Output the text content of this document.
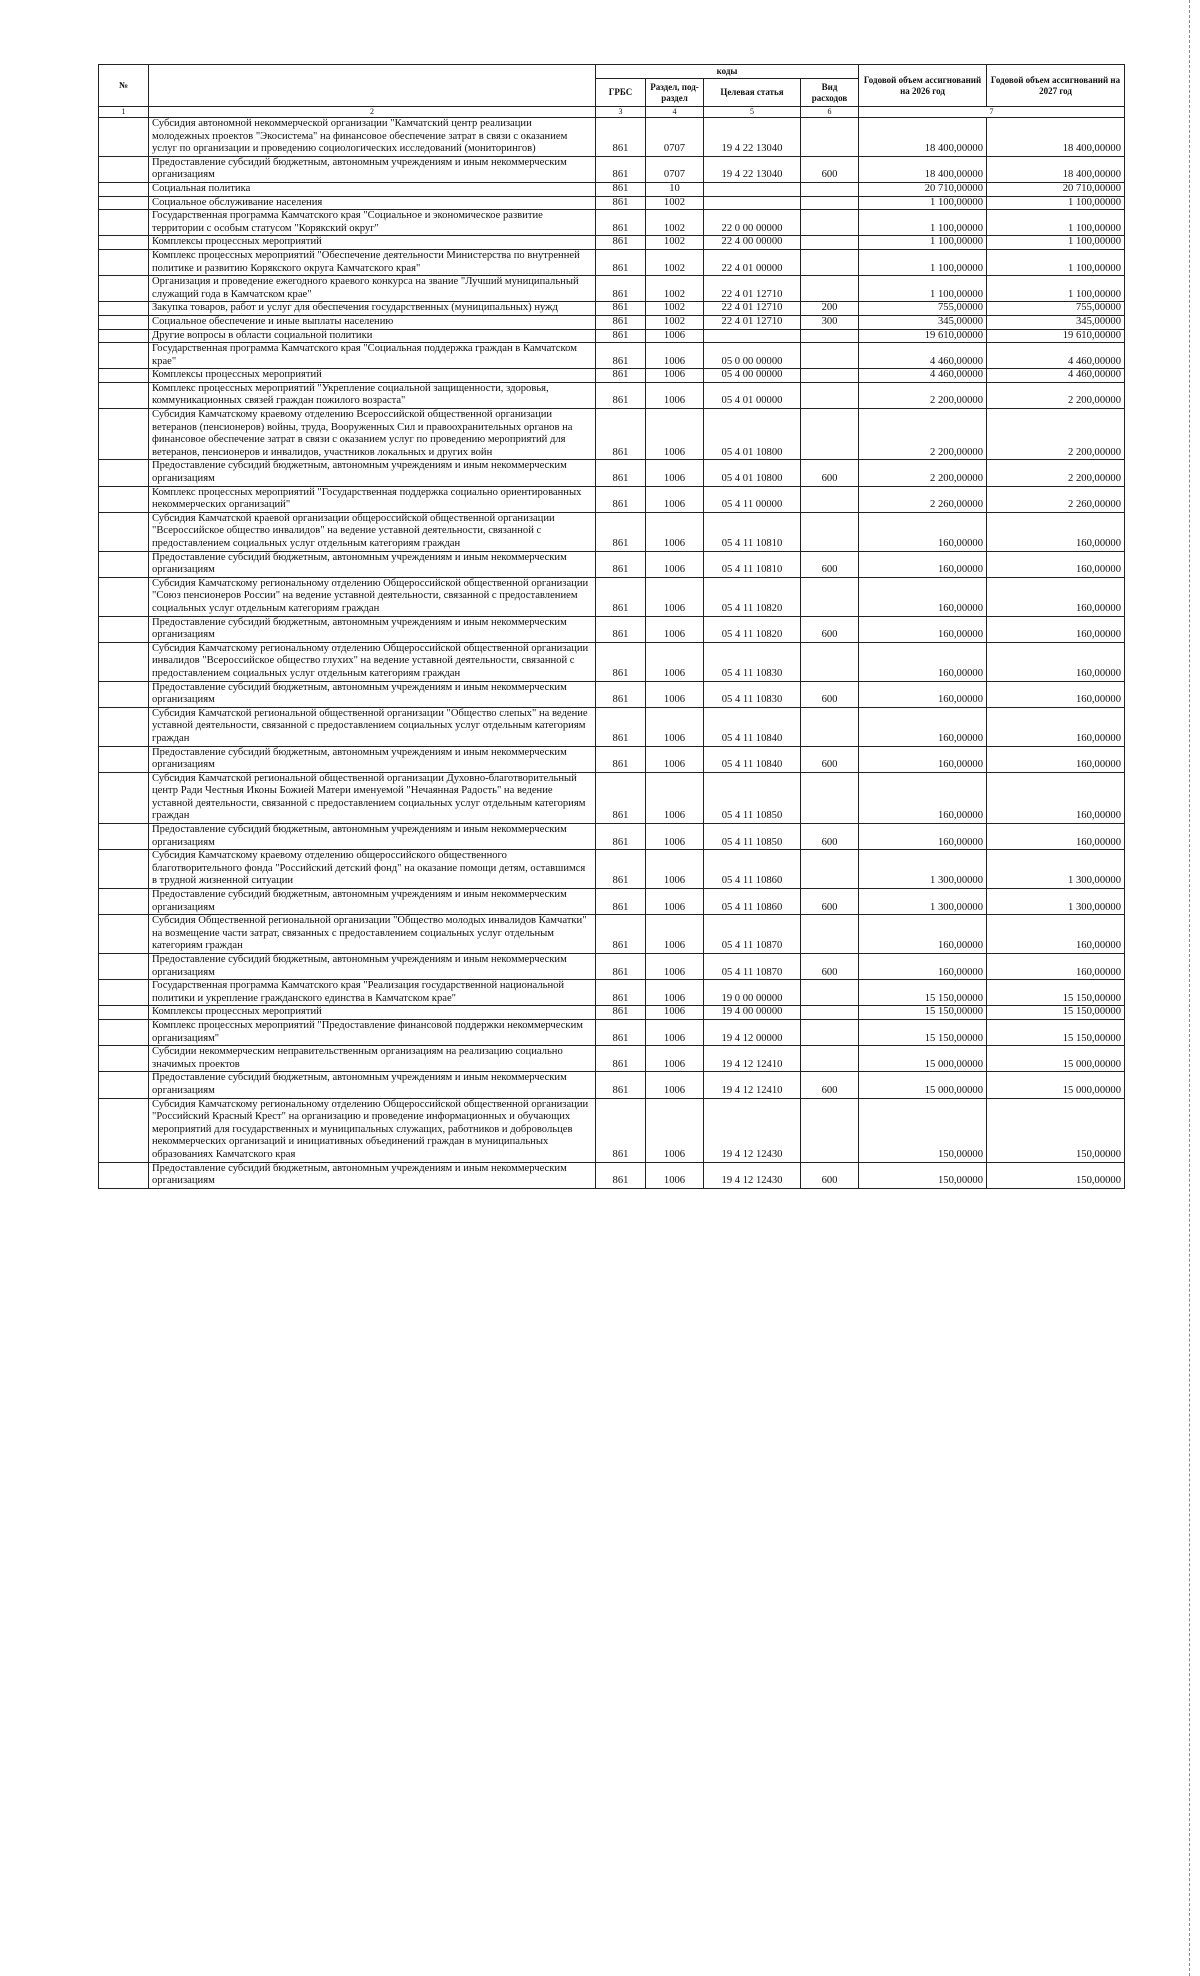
№		коды				Годовой объем ассигнований на 2026 год	Годовой объем ассигнований на 2027 год
		ГРБС	Раздел, под-раздел	Целевая статья	Вид расходов		
1	2	3	4	5	6	7	
	Субсидия автономной некоммерческой организации "Камчатский центр реализации молодежных проектов "Экосистема" на финансовое обеспечение затрат в связи с оказанием услуг по организации и проведению социологических исследований (мониторингов)	861	0707	19 4 22 13040		18 400,00000	18 400,00000
	Предоставление субсидий бюджетным, автономным учреждениям и иным некоммерческим организациям	861	0707	19 4 22 13040	600	18 400,00000	18 400,00000
	Социальная политика	861	10			20 710,00000	20 710,00000
	Социальное обслуживание населения	861	1002			1 100,00000	1 100,00000
	Государственная программа Камчатского края "Социальное и экономическое развитие территории с особым статусом "Корякский округ"	861	1002	22 0 00 00000		1 100,00000	1 100,00000
	Комплексы процессных мероприятий	861	1002	22 4 00 00000		1 100,00000	1 100,00000
	Комплекс процессных мероприятий "Обеспечение деятельности Министерства по внутренней политике и развитию Корякского округа Камчатского края"	861	1002	22 4 01 00000		1 100,00000	1 100,00000
	Организация и проведение ежегодного краевого конкурса на звание "Лучший муниципальный служащий года в Камчатском крае"	861	1002	22 4 01 12710		1 100,00000	1 100,00000
	Закупка товаров, работ и услуг для обеспечения государственных (муниципальных) нужд	861	1002	22 4 01 12710	200	755,00000	755,00000
	Социальное обеспечение и иные выплаты населению	861	1002	22 4 01 12710	300	345,00000	345,00000
	Другие вопросы в области социальной политики	861	1006			19 610,00000	19 610,00000
	Государственная программа Камчатского края "Социальная поддержка граждан в Камчатском крае"	861	1006	05 0 00 00000		4 460,00000	4 460,00000
	Комплексы процессных мероприятий	861	1006	05 4 00 00000		4 460,00000	4 460,00000
	Комплекс процессных мероприятий "Укрепление социальной защищенности, здоровья, коммуникационных связей граждан пожилого возраста"	861	1006	05 4 01 00000		2 200,00000	2 200,00000
	Субсидия Камчатскому краевому отделению Всероссийской общественной организации ветеранов (пенсионеров) войны, труда, Вооруженных Сил и правоохранительных органов на финансовое обеспечение затрат в связи с оказанием услуг по проведению мероприятий для ветеранов, пенсионеров и инвалидов, участников локальных и других войн	861	1006	05 4 01 10800		2 200,00000	2 200,00000
	Предоставление субсидий бюджетным, автономным учреждениям и иным некоммерческим организациям	861	1006	05 4 01 10800	600	2 200,00000	2 200,00000
	Комплекс процессных мероприятий "Государственная поддержка социально ориентированных некоммерческих организаций"	861	1006	05 4 11 00000		2 260,00000	2 260,00000
	Субсидия Камчатской краевой организации общероссийской общественной организации "Всероссийское общество инвалидов" на ведение уставной деятельности, связанной с предоставлением социальных услуг отдельным категориям граждан	861	1006	05 4 11 10810		160,00000	160,00000
	Предоставление субсидий бюджетным, автономным учреждениям и иным некоммерческим организациям	861	1006	05 4 11 10810	600	160,00000	160,00000
	Субсидия Камчатскому региональному отделению Общероссийской общественной организации "Союз пенсионеров России" на ведение уставной деятельности, связанной с предоставлением социальных услуг отдельным категориям граждан	861	1006	05 4 11 10820		160,00000	160,00000
	Предоставление субсидий бюджетным, автономным учреждениям и иным некоммерческим организациям	861	1006	05 4 11 10820	600	160,00000	160,00000
	Субсидия Камчатскому региональному отделению Общероссийской общественной организации инвалидов "Всероссийское общество глухих" на ведение уставной деятельности, связанной с предоставлением социальных услуг отдельным категориям граждан	861	1006	05 4 11 10830		160,00000	160,00000
	Предоставление субсидий бюджетным, автономным учреждениям и иным некоммерческим организациям	861	1006	05 4 11 10830	600	160,00000	160,00000
	Субсидия Камчатской региональной общественной организации "Общество слепых" на ведение уставной деятельности, связанной с предоставлением социальных услуг отдельным категориям граждан	861	1006	05 4 11 10840		160,00000	160,00000
	Предоставление субсидий бюджетным, автономным учреждениям и иным некоммерческим организациям	861	1006	05 4 11 10840	600	160,00000	160,00000
	Субсидия Камчатской региональной общественной организации Духовно-благотворительный центр Ради Честныя Иконы Божией Матери именуемой "Нечаянная Радость" на ведение уставной деятельности, связанной с предоставлением социальных услуг отдельным категориям граждан	861	1006	05 4 11 10850		160,00000	160,00000
	Предоставление субсидий бюджетным, автономным учреждениям и иным некоммерческим организациям	861	1006	05 4 11 10850	600	160,00000	160,00000
	Субсидия Камчатскому краевому отделению общероссийского общественного благотворительного фонда "Российский детский фонд" на оказание помощи детям, оставшимся в трудной жизненной ситуации	861	1006	05 4 11 10860		1 300,00000	1 300,00000
	Предоставление субсидий бюджетным, автономным учреждениям и иным некоммерческим организациям	861	1006	05 4 11 10860	600	1 300,00000	1 300,00000
	Субсидия Общественной региональной организации "Общество молодых инвалидов Камчатки" на возмещение части затрат, связанных с предоставлением социальных услуг отдельным категориям граждан	861	1006	05 4 11 10870		160,00000	160,00000
	Предоставление субсидий бюджетным, автономным учреждениям и иным некоммерческим организациям	861	1006	05 4 11 10870	600	160,00000	160,00000
	Государственная программа Камчатского края "Реализация государственной национальной политики и укрепление гражданского единства в Камчатском крае"	861	1006	19 0 00 00000		15 150,00000	15 150,00000
	Комплексы процессных мероприятий	861	1006	19 4 00 00000		15 150,00000	15 150,00000
	Комплекс процессных мероприятий "Предоставление финансовой поддержки некоммерческим организациям"	861	1006	19 4 12 00000		15 150,00000	15 150,00000
	Субсидии некоммерческим неправительственным организациям на реализацию социально значимых проектов	861	1006	19 4 12 12410		15 000,00000	15 000,00000
	Предоставление субсидий бюджетным, автономным учреждениям и иным некоммерческим организациям	861	1006	19 4 12 12410	600	15 000,00000	15 000,00000
	Субсидия Камчатскому региональному отделению Общероссийской общественной организации "Российский Красный Крест" на организацию и проведение информационных и обучающих мероприятий для государственных и муниципальных служащих, работников и добровольцев некоммерческих организаций и инициативных объединений граждан в муниципальных образованиях Камчатского края	861	1006	19 4 12 12430		150,00000	150,00000
	Предоставление субсидий бюджетным, автономным учреждениям и иным некоммерческим организациям	861	1006	19 4 12 12430	600	150,00000	150,00000
